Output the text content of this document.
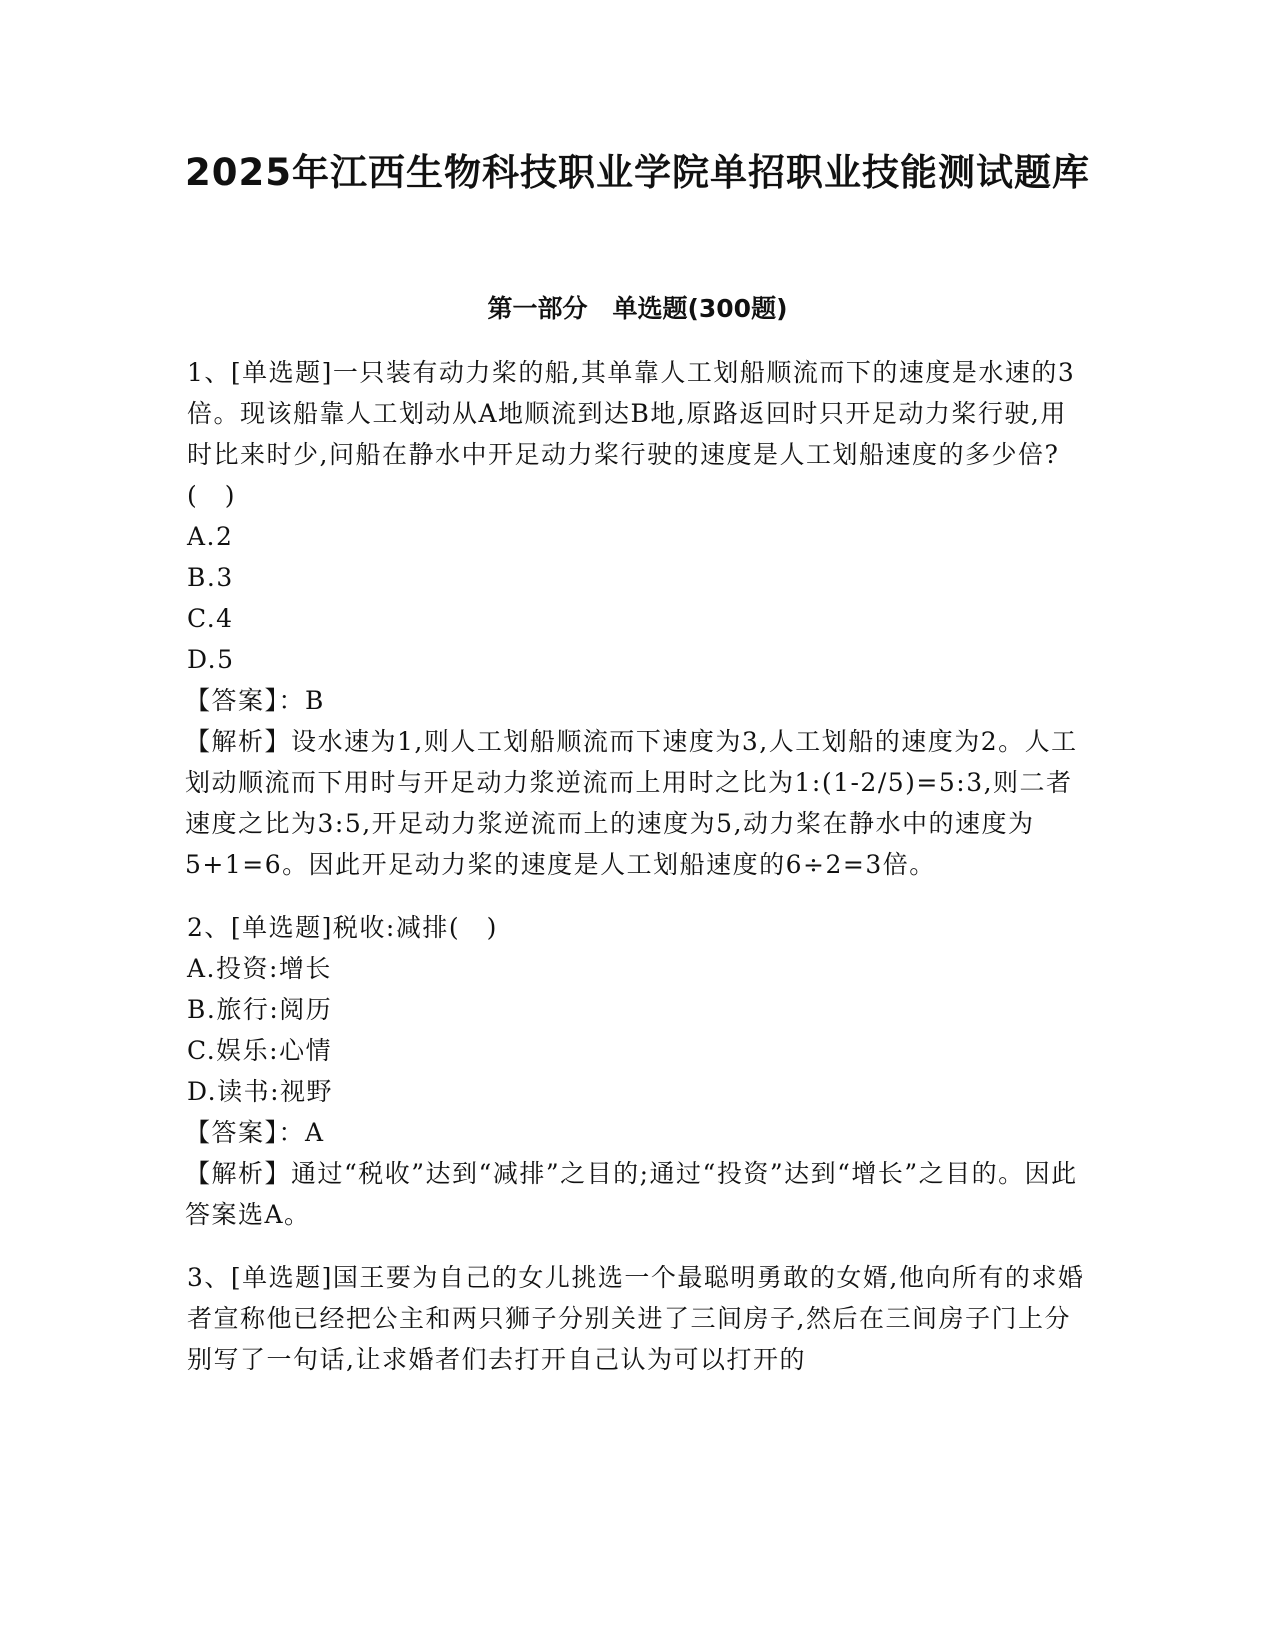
2025年江西生物科技职业学院单招职业技能测试题库
第一部分　单选题(300题)
1、[单选题]一只装有动力桨的船,其单靠人工划船顺流而下的速度是水速的3倍。现该船靠人工划动从A地顺流到达B地,原路返回时只开足动力桨行驶,用时比来时少,问船在静水中开足动力桨行驶的速度是人工划船速度的多少倍?(　)
A.2
B.3
C.4
D.5
【答案】：B
【解析】设水速为1,则人工划船顺流而下速度为3,人工划船的速度为2。人工划动顺流而下用时与开足动力浆逆流而上用时之比为1:(1-2/5)=5:3,则二者速度之比为3:5,开足动力浆逆流而上的速度为5,动力桨在静水中的速度为5+1=6。因此开足动力桨的速度是人工划船速度的6÷2=3倍。
2、[单选题]税收:减排(　)
A.投资:增长
B.旅行:阅历
C.娱乐:心情
D.读书:视野
【答案】：A
【解析】通过“税收”达到“减排”之目的;通过“投资”达到“增长”之目的。因此答案选A。
3、[单选题]国王要为自己的女儿挑选一个最聪明勇敢的女婿,他向所有的求婚者宣称他已经把公主和两只狮子分别关进了三间房子,然后在三间房子门上分别写了一句话,让求婚者们去打开自己认为可以打开的
